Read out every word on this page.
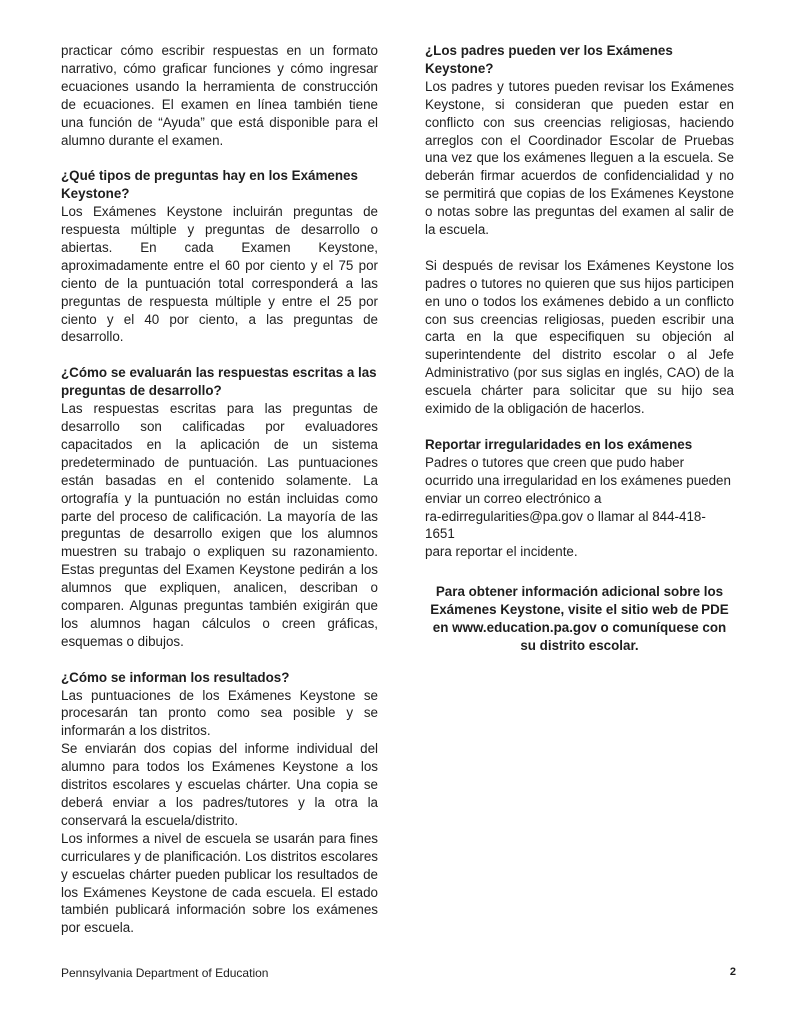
practicar cómo escribir respuestas en un formato narrativo, cómo graficar funciones y cómo ingresar ecuaciones usando la herramienta de construcción de ecuaciones. El examen en línea también tiene una función de “Ayuda” que está disponible para el alumno durante el examen.

¿Qué tipos de preguntas hay en los Exámenes Keystone?

Los Exámenes Keystone incluirán preguntas de respuesta múltiple y preguntas de desarrollo o abiertas. En cada Examen Keystone, aproximadamente entre el 60 por ciento y el 75 por ciento de la puntuación total corresponderá a las preguntas de respuesta múltiple y entre el 25 por ciento y el 40 por ciento, a las preguntas de desarrollo.

¿Cómo se evaluarán las respuestas escritas a las preguntas de desarrollo?

Las respuestas escritas para las preguntas de desarrollo son calificadas por evaluadores capacitados en la aplicación de un sistema predeterminado de puntuación. Las puntuaciones están basadas en el contenido solamente. La ortografía y la puntuación no están incluidas como parte del proceso de calificación. La mayoría de las preguntas de desarrollo exigen que los alumnos muestren su trabajo o expliquen su razonamiento. Estas preguntas del Examen Keystone pedirán a los alumnos que expliquen, analicen, describan o comparen. Algunas preguntas también exigirán que los alumnos hagan cálculos o creen gráficas, esquemas o dibujos.

¿Cómo se informan los resultados?

Las puntuaciones de los Exámenes Keystone se procesarán tan pronto como sea posible y se informarán a los distritos.

Se enviarán dos copias del informe individual del alumno para todos los Exámenes Keystone a los distritos escolares y escuelas chárter. Una copia se deberá enviar a los padres/tutores y la otra la conservará la escuela/distrito.

Los informes a nivel de escuela se usarán para fines curriculares y de planificación. Los distritos escolares y escuelas chárter pueden publicar los resultados de los Exámenes Keystone de cada escuela. El estado también publicará información sobre los exámenes por escuela.

¿Los padres pueden ver los Exámenes Keystone?

Los padres y tutores pueden revisar los Exámenes Keystone, si consideran que pueden estar en conflicto con sus creencias religiosas, haciendo arreglos con el Coordinador Escolar de Pruebas una vez que los exámenes lleguen a la escuela. Se deberán firmar acuerdos de confidencialidad y no se permitirá que copias de los Exámenes Keystone o notas sobre las preguntas del examen al salir de la escuela.

Si después de revisar los Exámenes Keystone los padres o tutores no quieren que sus hijos participen en uno o todos los exámenes debido a un conflicto con sus creencias religiosas, pueden escribir una carta en la que especifiquen su objeción al superintendente del distrito escolar o al Jefe Administrativo (por sus siglas en inglés, CAO) de la escuela chárter para solicitar que su hijo sea eximido de la obligación de hacerlos.

Reportar irregularidades en los exámenes

Padres o tutores que creen que pudo haber ocurrido una irregularidad en los exámenes pueden enviar un correo electrónico a
ra-edirregularities@pa.gov o llamar al 844-418-1651
para reportar el incidente.

Para obtener información adicional sobre los Exámenes Keystone, visite el sitio web de PDE en www.education.pa.gov o comuníquese con su distrito escolar.

Pennsylvania Department of Education	2
